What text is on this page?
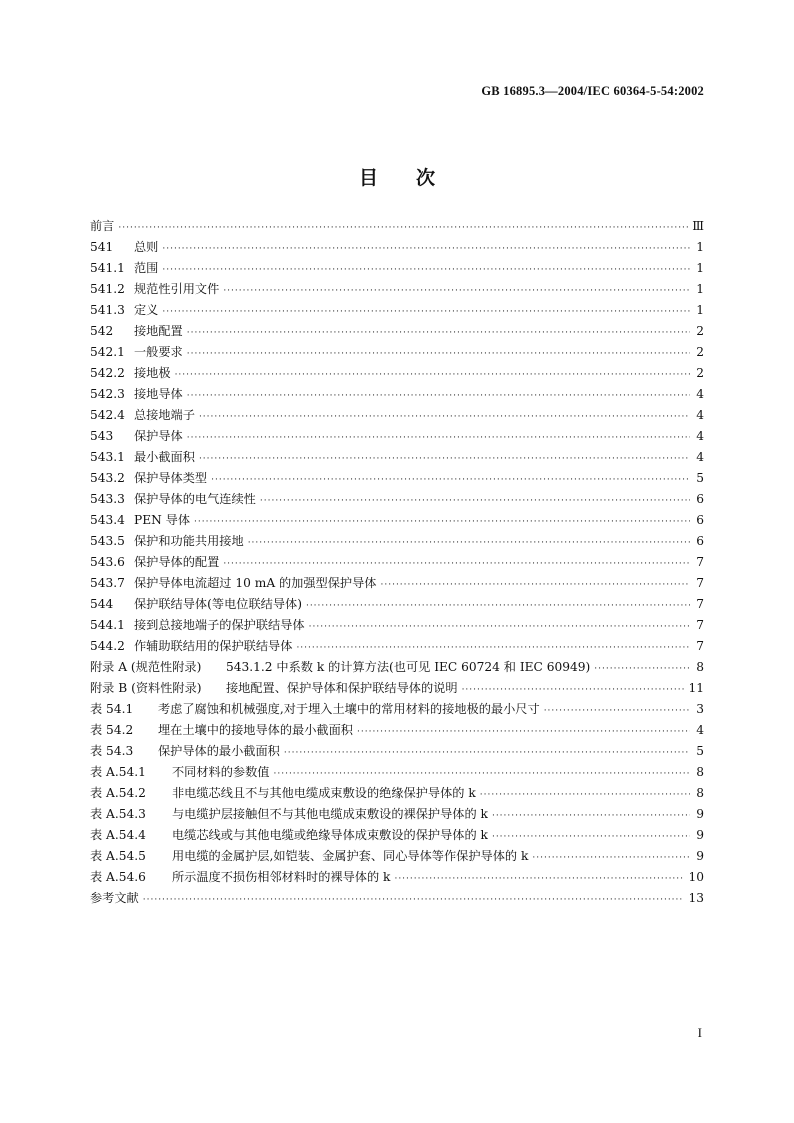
GB 16895.3—2004/IEC 60364-5-54:2002
目　　次
前言 ·····	Ⅲ
541 总则 ·····	1
541.1 范围 ·····	1
541.2 规范性引用文件 ·····	1
541.3 定义 ·····	1
542 接地配置 ·····	2
542.1 一般要求 ·····	2
542.2 接地极 ·····	2
542.3 接地导体 ·····	4
542.4 总接地端子 ·····	4
543 保护导体 ·····	4
543.1 最小截面积 ·····	4
543.2 保护导体类型 ·····	5
543.3 保护导体的电气连续性 ·····	6
543.4 PEN 导体 ·····	6
543.5 保护和功能共用接地 ·····	6
543.6 保护导体的配置 ·····	7
543.7 保护导体电流超过 10 mA 的加强型保护导体 ·····	7
544 保护联结导体(等电位联结导体) ·····	7
544.1 接到总接地端子的保护联结导体 ·····	7
544.2 作辅助联结用的保护联结导体 ·····	7
附录 A (规范性附录) 543.1.2 中系数 k 的计算方法(也可见 IEC 60724 和 IEC 60949) ·····	8
附录 B (资料性附录) 接地配置、保护导体和保护联结导体的说明 ·····	11
表 54.1 考虑了腐蚀和机械强度,对于埋入土壤中的常用材料的接地极的最小尺寸 ·····	3
表 54.2 埋在土壤中的接地导体的最小截面积 ·····	4
表 54.3 保护导体的最小截面积 ·····	5
表 A.54.1 不同材料的参数值 ·····	8
表 A.54.2 非电缆芯线且不与其他电缆成束敷设的绝缘保护导体的 k ·····	8
表 A.54.3 与电缆护层接触但不与其他电缆成束敷设的裸保护导体的 k ·····	9
表 A.54.4 电缆芯线或与其他电缆或绝缘导体成束敷设的保护导体的 k ·····	9
表 A.54.5 用电缆的金属护层,如铠装、金属护套、同心导体等作保护导体的 k ·····	9
表 A.54.6 所示温度不损伤相邻材料时的裸导体的 k ·····	10
参考文献 ·····	13
I
